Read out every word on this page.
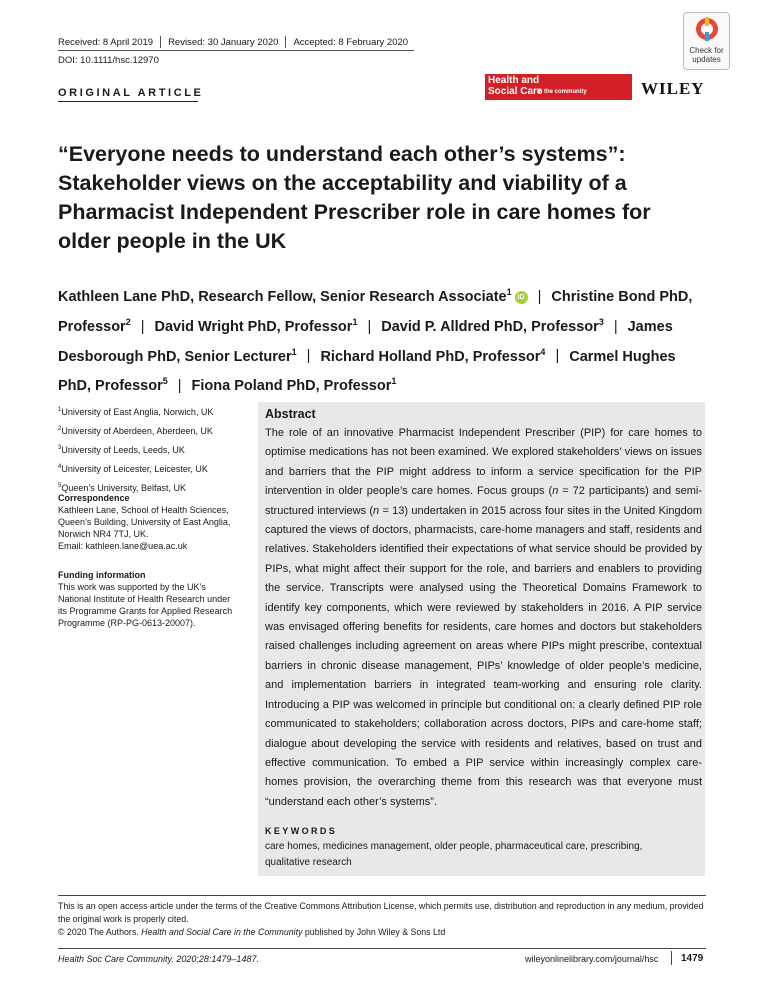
Received: 8 April 2019 Revised: 30 January 2020 Accepted: 8 February 2020
DOI: 10.1111/hsc.12970
ORIGINAL ARTICLE
Check for
updates
Health and
Social Care
in the community	WILEY
“Everyone needs to understand each other’s systems”: Stakeholder views on the acceptability and viability of a Pharmacist Independent Prescriber role in care homes for older people in the UK
Kathleen Lane PhD, Research Fellow, Senior Research Associate$^1$iD | Christine Bond PhD, Professor$^2$ | David Wright PhD, Professor$^1$ | David P. Alldred PhD, Professor$^3$ | James Desborough PhD, Senior Lecturer$^1$ | Richard Holland PhD, Professor$^4$ | Carmel Hughes PhD, Professor$^5$ | Fiona Poland PhD, Professor$^1$
$^1$University of East Anglia, Norwich, UK
$^2$University of Aberdeen, Aberdeen, UK
$^3$University of Leeds, Leeds, UK
$^4$University of Leicester, Leicester, UK
$^5$Queen’s University, Belfast, UK
Correspondence
Kathleen Lane, School of Health Sciences,
Queen’s Building, University of East Anglia,
Norwich NR4 7TJ, UK.
Email: kathleen.lane@uea.ac.uk
Funding information
This work was supported by the UK’s
National Institute of Health Research under
its Programme Grants for Applied Research
Programme (RP-PG-0613-20007).
Abstract
The role of an innovative Pharmacist Independent Prescriber (PIP) for care homes to optimise medications has not been examined. We explored stakeholders’ views on issues and barriers that the PIP might address to inform a service specification for the PIP intervention in older people’s care homes. Focus groups (n = 72 participants) and semi-structured interviews (n = 13) undertaken in 2015 across four sites in the United Kingdom captured the views of doctors, pharmacists, care-home managers and staff, residents and relatives. Stakeholders identified their expectations of what service should be provided by PIPs, what might affect their support for the role, and barriers and enablers to providing the service. Transcripts were analysed using the Theoretical Domains Framework to identify key components, which were reviewed by stakeholders in 2016. A PIP service was envisaged offering benefits for residents, care homes and doctors but stakeholders raised challenges including agreement on areas where PIPs might prescribe, contextual barriers in chronic disease management, PIPs’ knowledge of older people’s medicine, and implementation barriers in integrated team-working and ensuring role clarity. Introducing a PIP was welcomed in principle but conditional on: a clearly defined PIP role communicated to stakeholders; collaboration across doctors, PIPs and care-home staff; dialogue about developing the service with residents and relatives, based on trust and effective communication. To embed a PIP service within increasingly complex care-homes provision, the overarching theme from this research was that everyone must “understand each other’s systems”.
KEYWORDS
care homes, medicines management, older people, pharmaceutical care, prescribing, qualitative research
This is an open access article under the terms of the Creative Commons Attribution License, which permits use, distribution and reproduction in any medium, provided the original work is properly cited.
© 2020 The Authors. Health and Social Care in the Community published by John Wiley & Sons Ltd
Health Soc Care Community. 2020;28:1479–1487.	wileyonlinelibrary.com/journal/hsc 1479
